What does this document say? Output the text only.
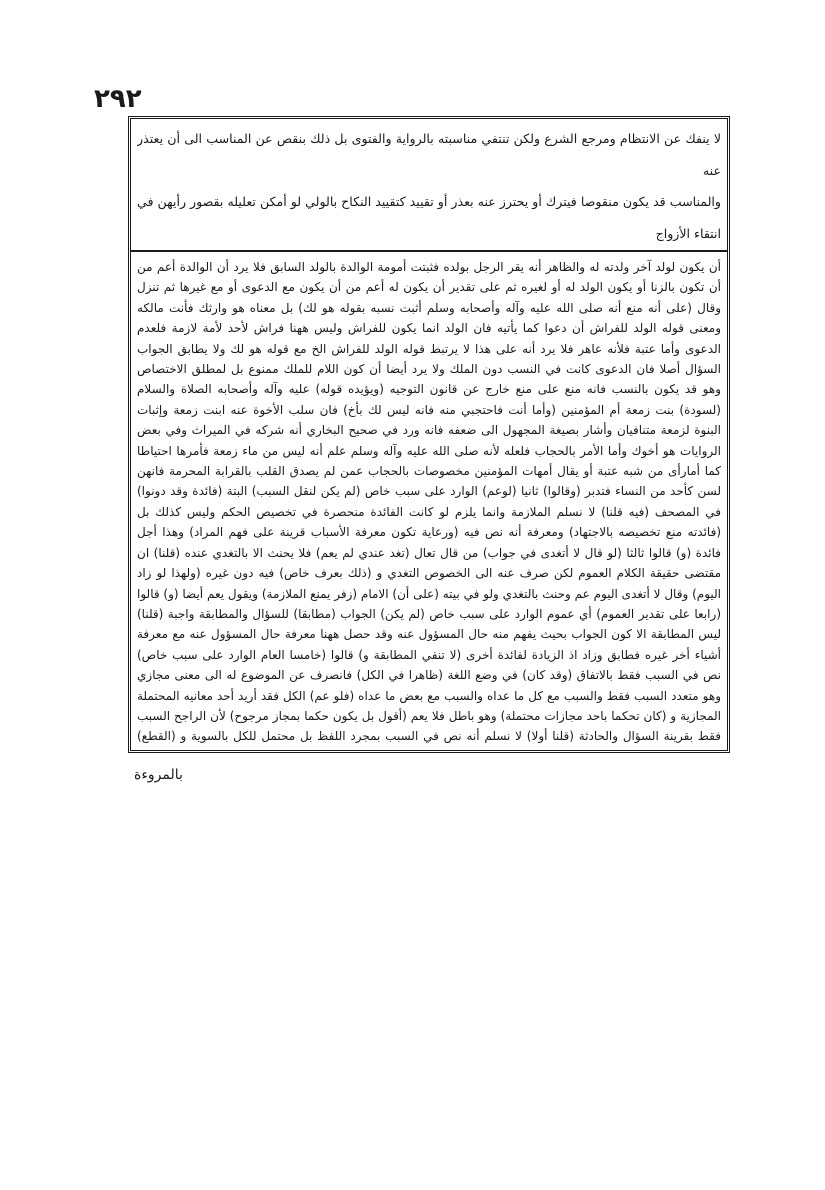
٢٩٢

لا ينفك عن الانتظام ومرجع الشرع ولكن تنتفي مناسبته بالرواية والفتوى بل ذلك بنقص عن المناسب الى أن يعتذر عنه

والمناسب قد يكون منقوصا فيترك أو يحترز عنه بعذر أو تقييد كتقييد النكاح بالولي لو أمكن تعليله بقصور رأيهن في انتقاء الأزواج

أن يكون لولد آخر ولدته له والظاهر أنه يقر الرجل بولده فثبتت أمومة الوالدة بالولد السابق فلا يرد أن الوالدة أعم من أن تكون بالزنا أو يكون الولد له أو لغيره ثم على تقدير أن يكون له أعم من أن يكون مع الدعوى أو مع غيرها ثم تنزل وقال (على أنه منع أنه صلى الله عليه وآله وأصحابه وسلم أثبت نسبه بقوله هو لك) بل معناه هو وارثك فأنت مالكه ومعنى قوله الولد للفراش أن دعوا كما يأتيه فان الولد انما يكون للفراش وليس ههنا فراش لأحد لأمة لازمة فلعدم الدعوى وأما عتبة فلأنه عاهر فلا يرد أنه على هذا لا يرتبط قوله الولد للفراش الخ مع قوله هو لك ولا يطابق الجواب السؤال أصلا فان الدعوى كانت في النسب دون الملك ولا يرد أيضا أن كون اللام للملك ممنوع بل لمطلق الاختصاص وهو قد يكون بالنسب فانه منع على منع خارج عن قانون التوجيه (ويؤيده قوله) عليه وآله وأصحابه الصلاة والسلام (لسودة) بنت زمعة أم المؤمنين (وأما أنت فاحتجبي منه فانه ليس لك بأخ) فان سلب الأخوة عنه ابنت زمعة وإثبات البنوة لزمعة متنافيان وأشار بصيغة المجهول الى ضعفه فانه ورد في صحيح البخاري أنه شركه في الميراث وفي بعض الروايات هو أخوك وأما الأمر بالحجاب فلعله لأنه صلى الله عليه وآله وسلم علم أنه ليس من ماء زمعة فأمرها احتياطا كما أمارأى من شبه عتبة أو يقال أمهات المؤمنين مخصوصات بالحجاب عمن لم يصدق القلب بالقرابة المحرمة فانهن لسن كأحد من النساء فتدبر (وقالوا) ثانيا (لوعم) الوارد على سبب خاص (لم يكن لنقل السبب) البتة (فائدة وقد دونوا) في المصحف (فيه قلنا) لا نسلم الملازمة وانما يلزم لو كانت الفائدة منحصرة في تخصيص الحكم وليس كذلك بل (فائدته منع تخصيصه بالاجتهاد) ومعرفة أنه نص فيه (ورعاية تكون معرفة الأسباب قرينة على فهم المراد) وهذا أجل فائدة (و) قالوا ثالثا (لو قال لا أتغدى في جواب) من قال تعال (تغد عندي لم يعم) فلا يحنث الا بالتغدي عنده (قلنا) ان مقتضى حقيقة الكلام العموم لكن صرف عنه الى الخصوص التغدي و (ذلك بعرف خاص) فيه دون غيره (ولهذا لو زاد اليوم) وقال لا أتغدى اليوم عم وحنث بالتغدي ولو في بيته (على أن) الامام (زفر يمنع الملازمة) ويقول يعم أيضا (و) قالوا (رابعا على تقدير العموم) أي عموم الوارد على سبب خاص (لم يكن) الجواب (مطابقا) للسؤال والمطابقة واجبة (قلنا) ليس المطابقة الا كون الجواب بحيث يفهم منه حال المسؤول عنه وقد حصل ههنا معرفة حال المسؤول عنه مع معرفة أشياء أخر غيره فطابق وزاد اذ الزيادة لفائدة أخرى (لا تنفي المطابقة و) قالوا (خامسا العام الوارد على سبب خاص) نص في السبب فقط بالاتفاق (وقد كان) في وضع اللغة (ظاهرا في الكل) فانصرف عن الموضوع له الى معنى مجازي وهو متعدد السبب فقط والسبب مع كل ما عداه والسبب مع بعض ما عداه (فلو عم) الكل فقد أريد أحد معانيه المحتملة المجازية و (كان تحكما باحد مجازات محتملة) وهو باطل فلا يعم (أقول بل يكون حكما بمجاز مرجوح) لأن الراجح السبب فقط بقرينة السؤال والحادثة (قلنا أولا) لا نسلم أنه نص في السبب بمجرد اللفظ بل محتمل للكل بالسوية و (القطع)

بالمروءة
